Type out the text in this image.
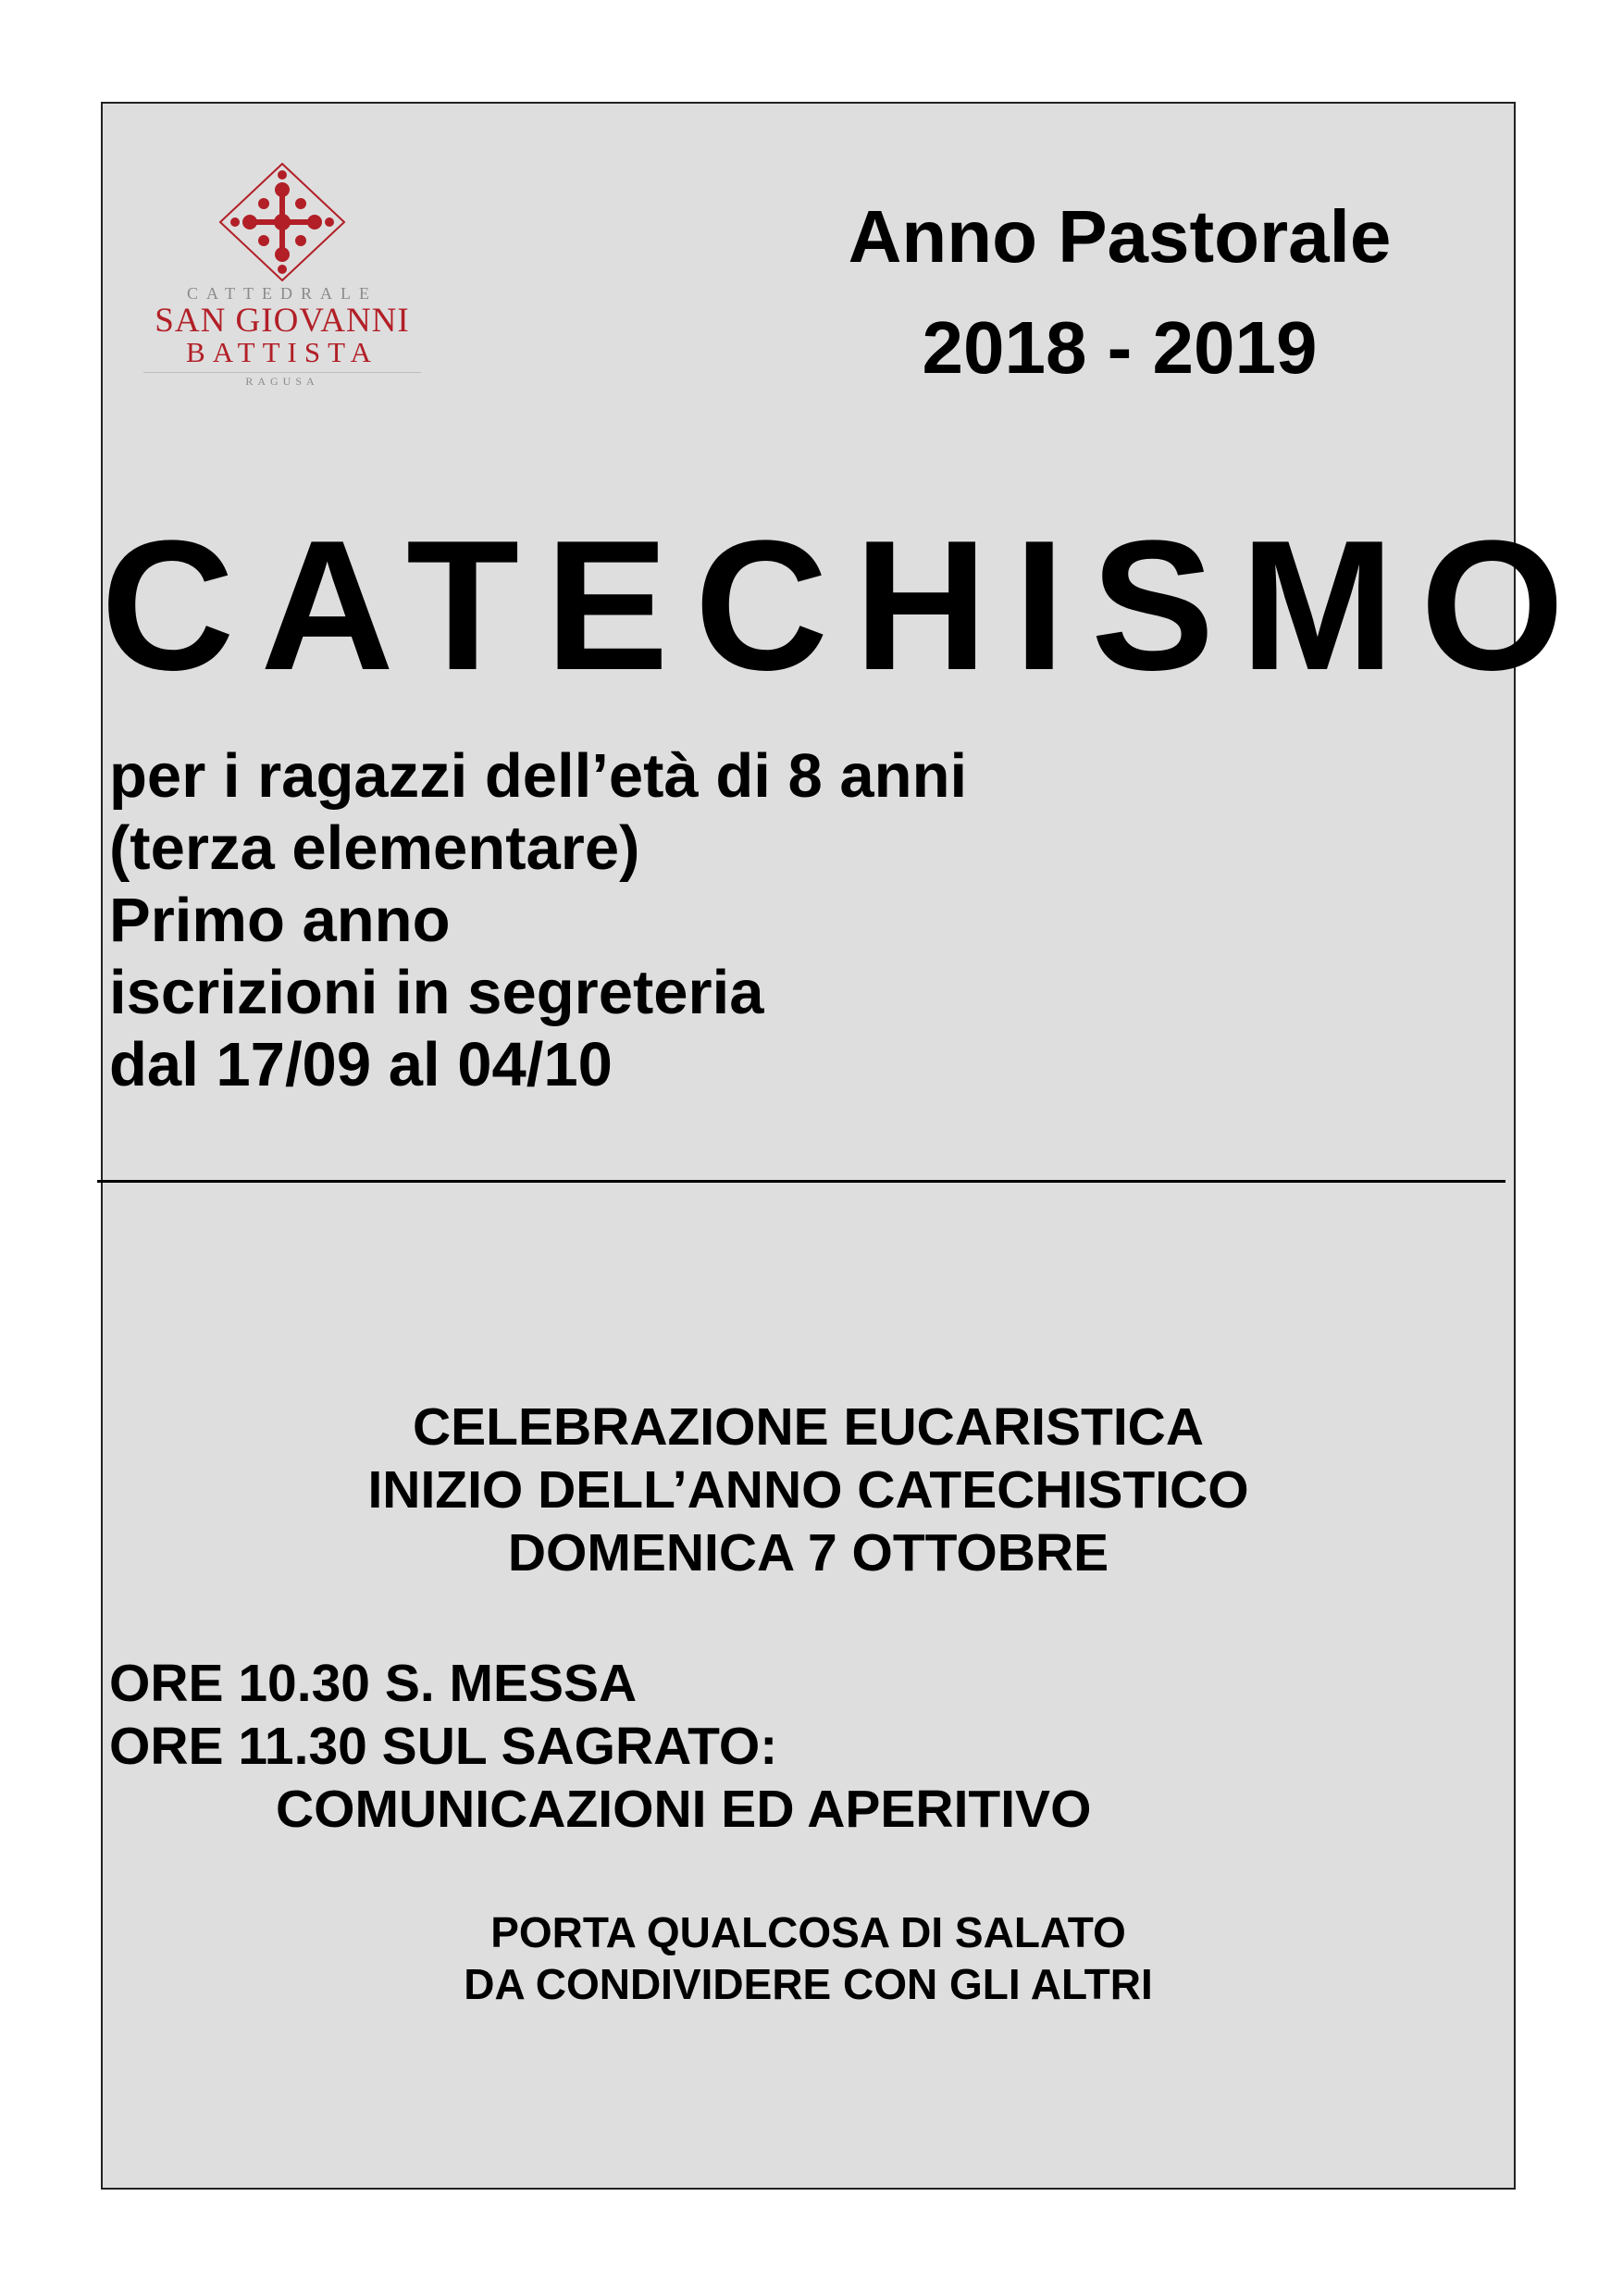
CATTEDRALE
SAN GIOVANNI
BATTISTA
RAGUSA
Anno Pastorale
2018 - 2019
CATECHISMO
per i ragazzi dell’età di 8 anni
(terza elementare)
Primo anno
iscrizioni in segreteria
dal 17/09 al 04/10
CELEBRAZIONE EUCARISTICA
INIZIO DELL’ANNO CATECHISTICO
DOMENICA 7 OTTOBRE
ORE 10.30 S. MESSA
ORE 11.30 SUL SAGRATO:
COMUNICAZIONI ED APERITIVO
PORTA QUALCOSA DI SALATO
DA CONDIVIDERE CON GLI ALTRI
